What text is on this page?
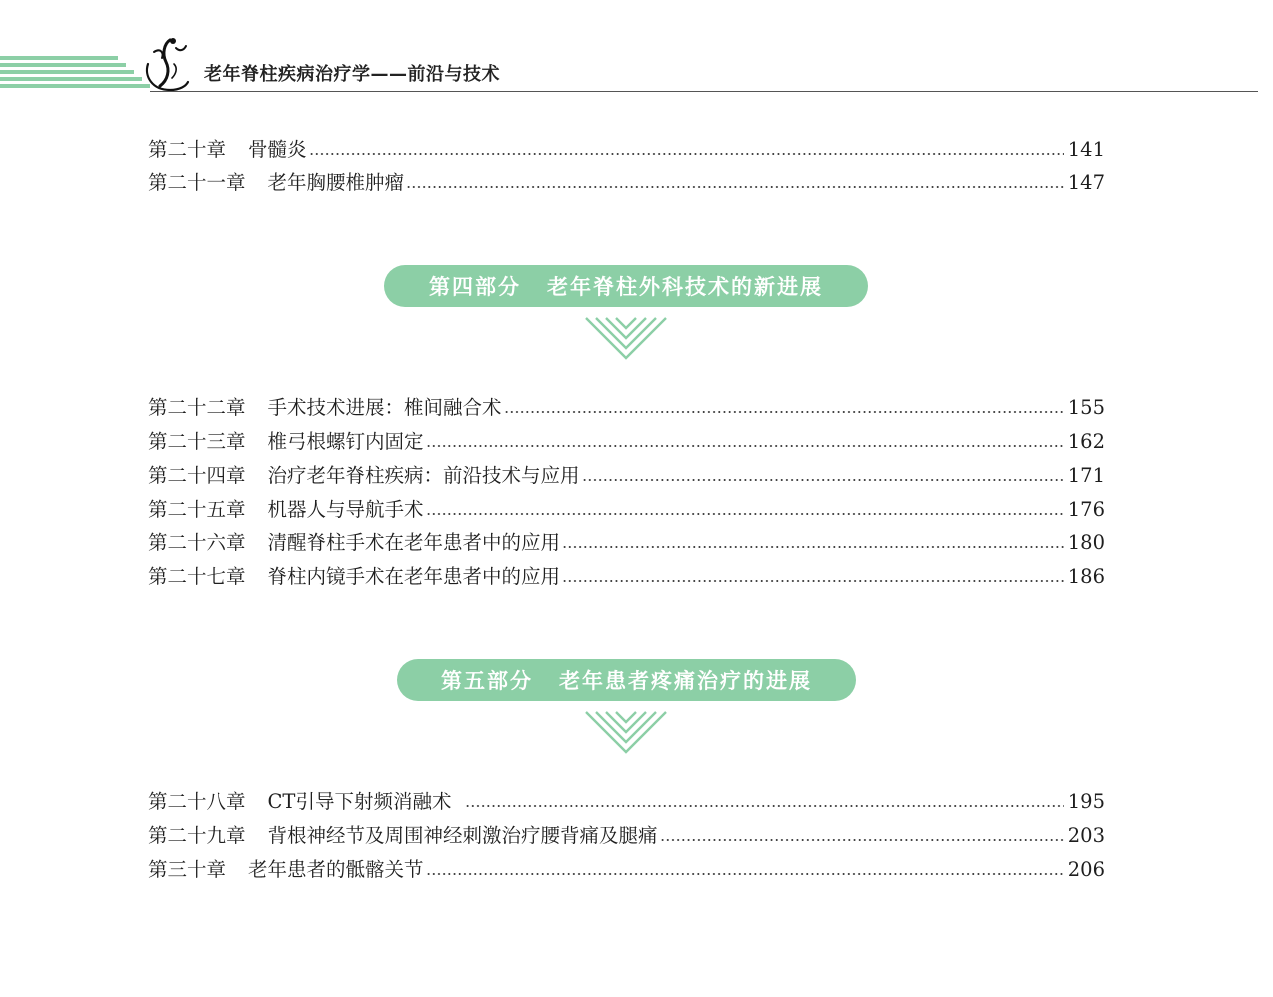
老年脊柱疾病治疗学——前沿与技术
第二十章 骨髓炎	141
第二十一章 老年胸腰椎肿瘤	147
第四部分 老年脊柱外科技术的新进展
第二十二章 手术技术进展：椎间融合术	155
第二十三章 椎弓根螺钉内固定	162
第二十四章 治疗老年脊柱疾病：前沿技术与应用	171
第二十五章 机器人与导航手术	176
第二十六章 清醒脊柱手术在老年患者中的应用	180
第二十七章 脊柱内镜手术在老年患者中的应用	186
第五部分 老年患者疼痛治疗的进展
第二十八章 CT引导下射频消融术	195
第二十九章 背根神经节及周围神经刺激治疗腰背痛及腿痛	203
第三十章 老年患者的骶髂关节	206
